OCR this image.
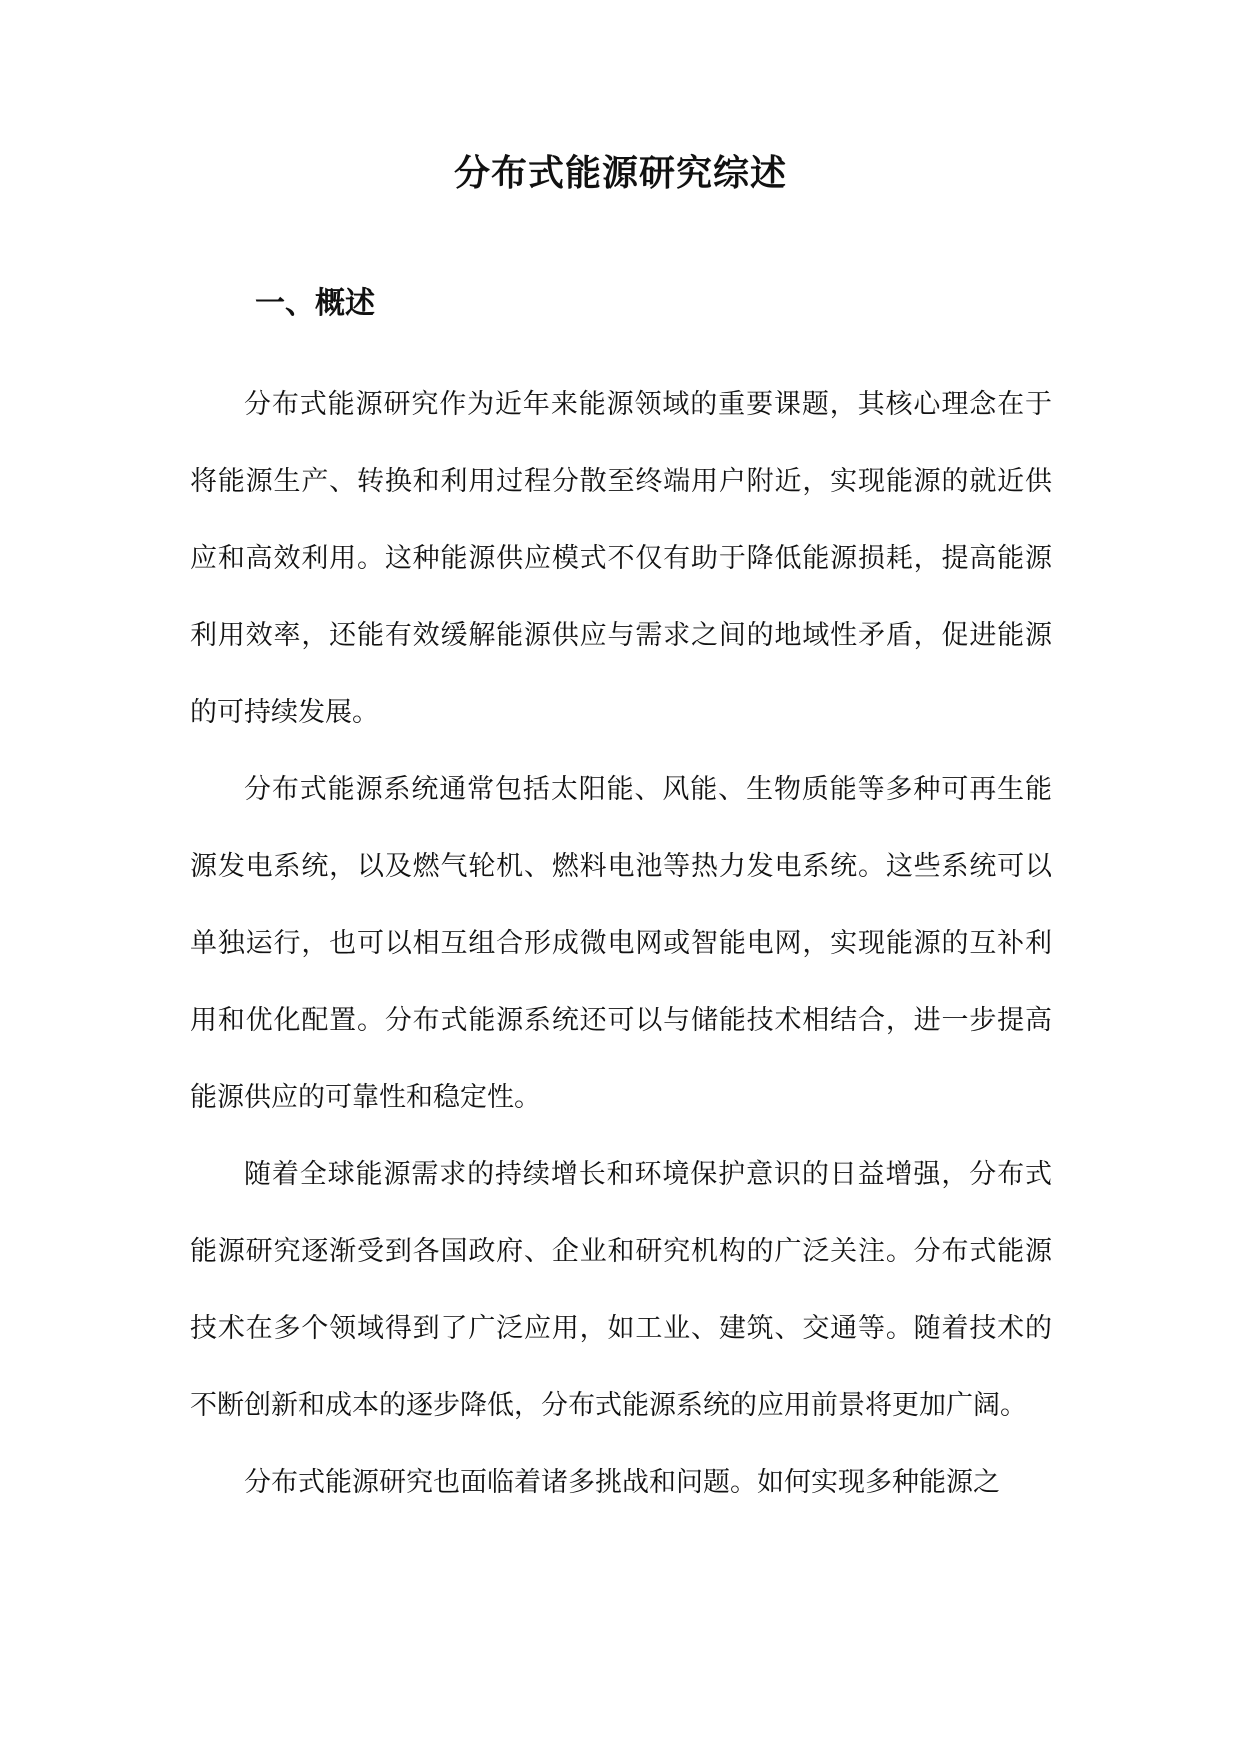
分布式能源研究综述
一、概述

分布式能源研究作为近年来能源领域的重要课题，其核心理念在于将能源生产、转换和利用过程分散至终端用户附近，实现能源的就近供应和高效利用。这种能源供应模式不仅有助于降低能源损耗，提高能源利用效率，还能有效缓解能源供应与需求之间的地域性矛盾，促进能源的可持续发展。

分布式能源系统通常包括太阳能、风能、生物质能等多种可再生能源发电系统，以及燃气轮机、燃料电池等热力发电系统。这些系统可以单独运行，也可以相互组合形成微电网或智能电网，实现能源的互补利用和优化配置。分布式能源系统还可以与储能技术相结合，进一步提高能源供应的可靠性和稳定性。

随着全球能源需求的持续增长和环境保护意识的日益增强，分布式能源研究逐渐受到各国政府、企业和研究机构的广泛关注。分布式能源技术在多个领域得到了广泛应用，如工业、建筑、交通等。随着技术的不断创新和成本的逐步降低，分布式能源系统的应用前景将更加广阔。

分布式能源研究也面临着诸多挑战和问题。如何实现多种能源之
